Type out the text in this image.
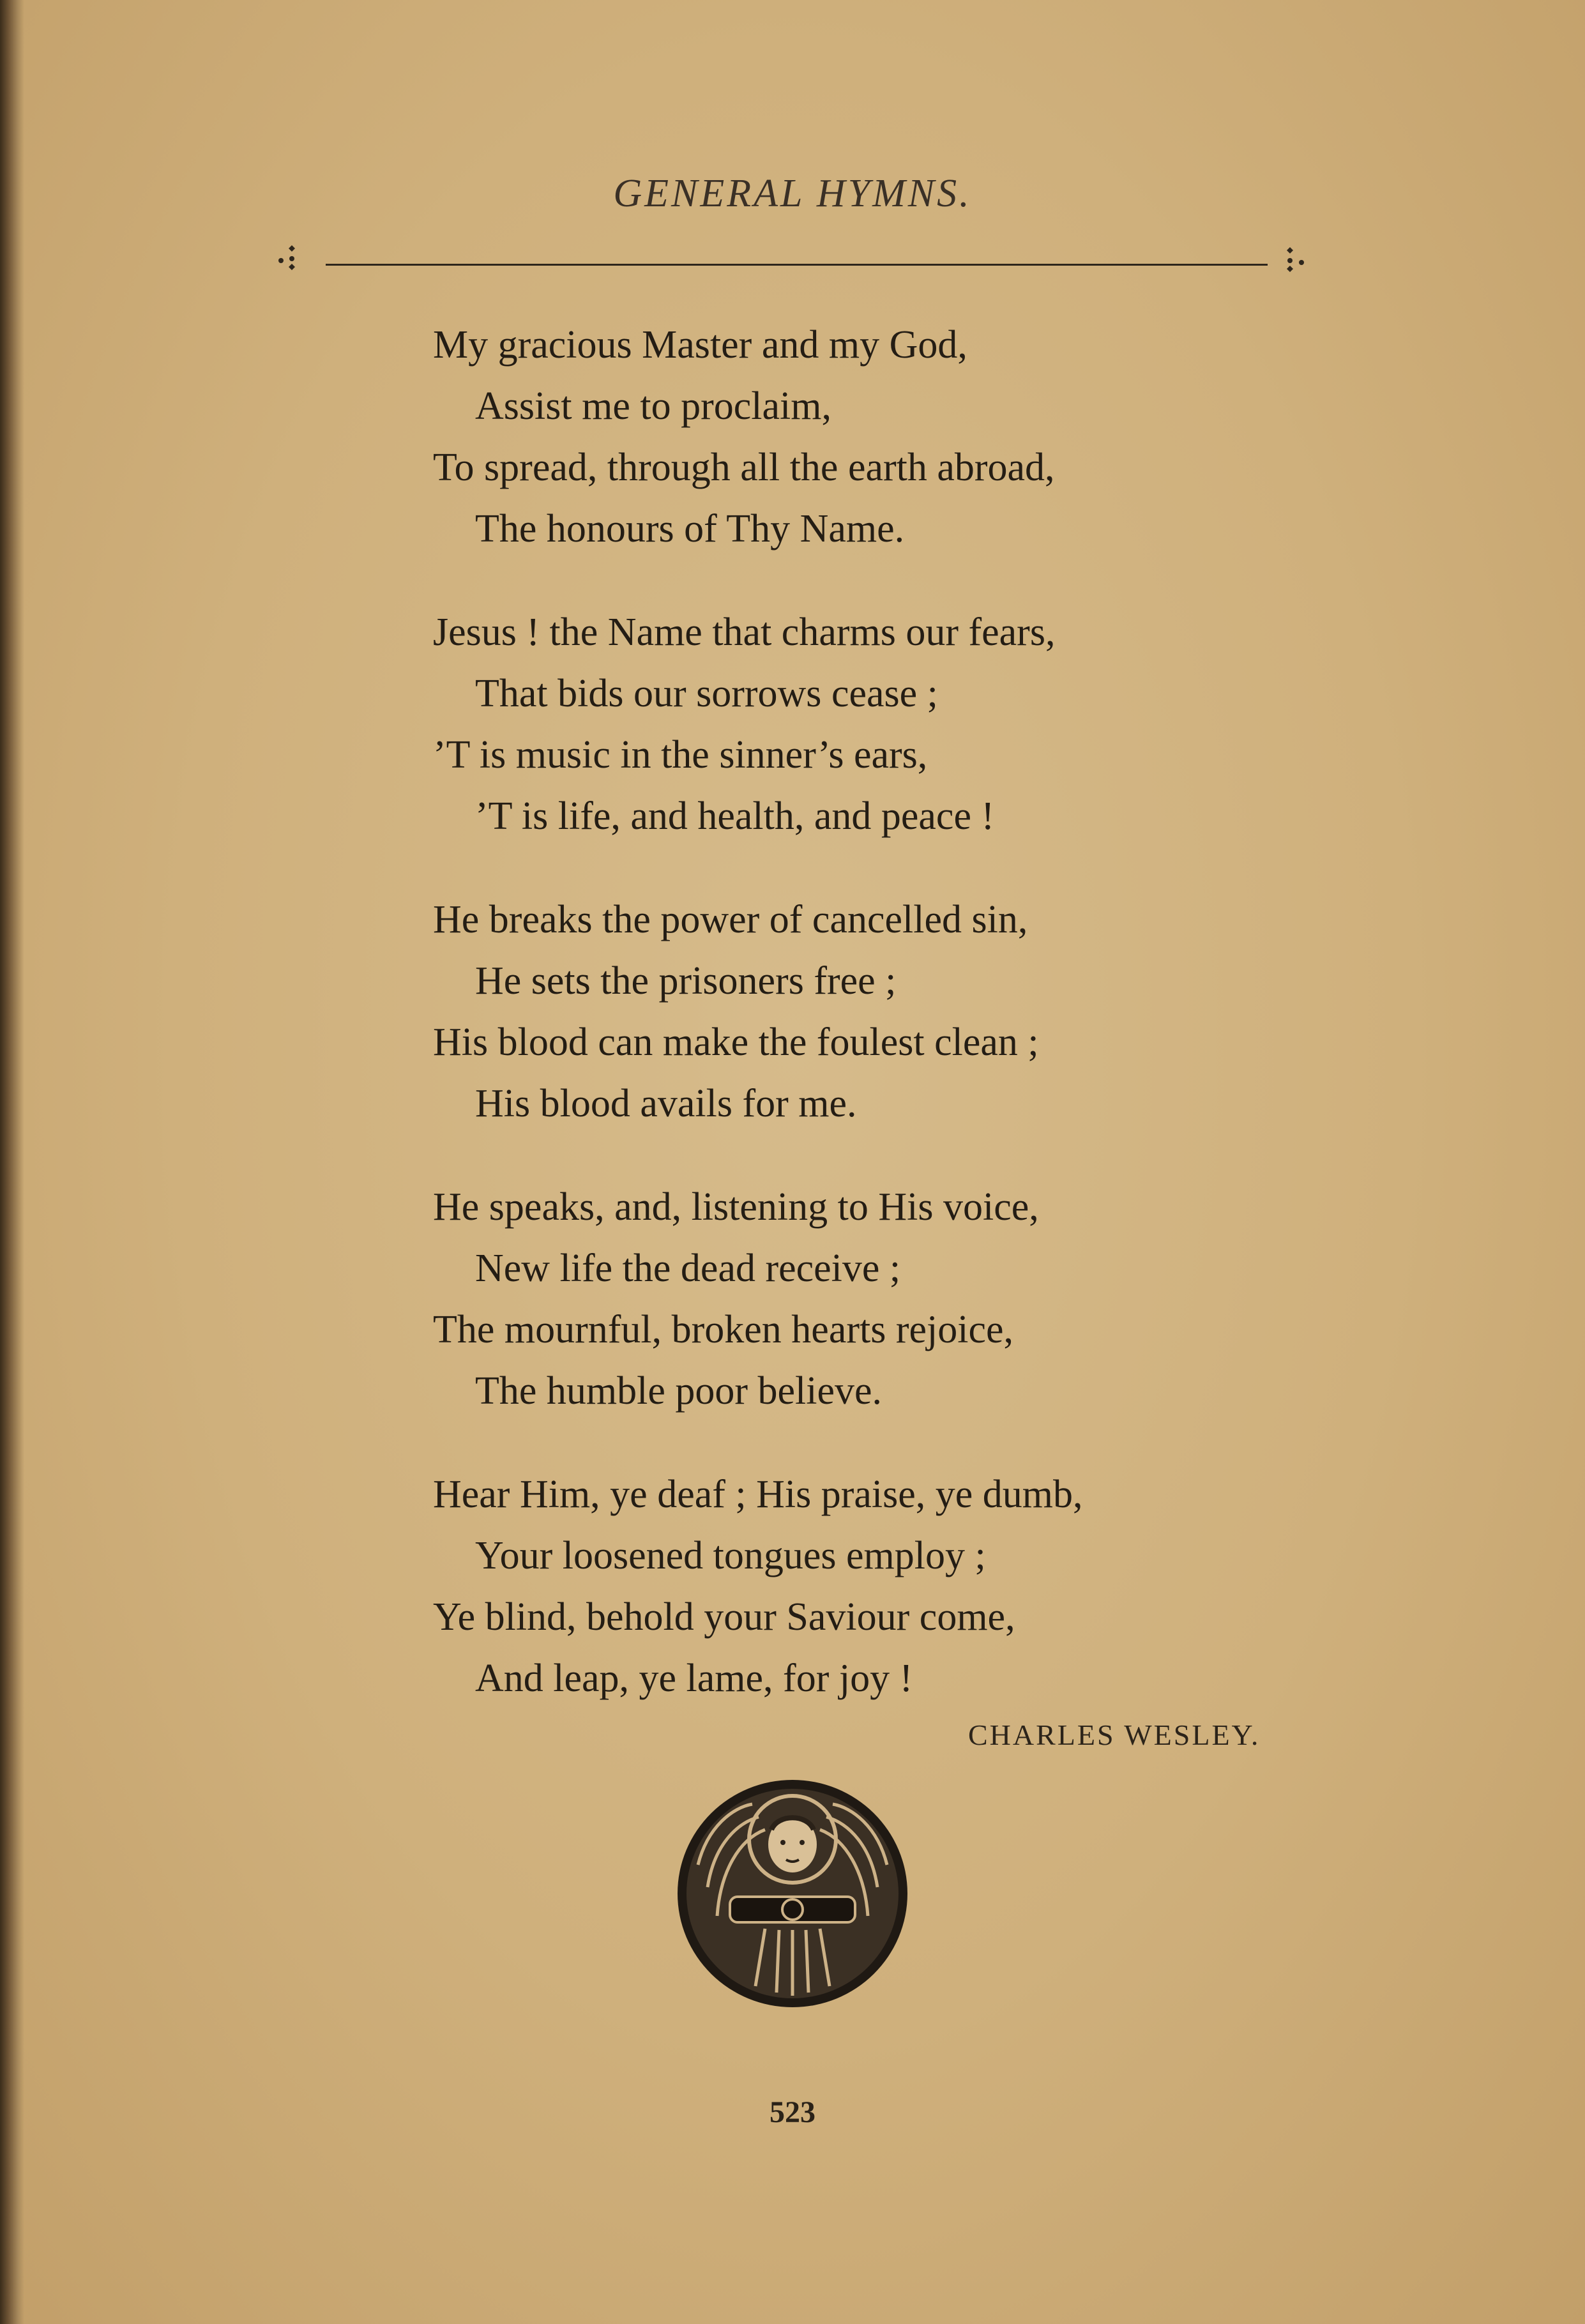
GENERAL HYMNS.
My gracious Master and my God,
Assist me to proclaim,
To spread, through all the earth abroad,
The honours of Thy Name.
Jesus ! the Name that charms our fears,
That bids our sorrows cease ;
’T is music in the sinner’s ears,
’T is life, and health, and peace !
He breaks the power of cancelled sin,
He sets the prisoners free ;
His blood can make the foulest clean ;
His blood avails for me.
He speaks, and, listening to His voice,
New life the dead receive ;
The mournful, broken hearts rejoice,
The humble poor believe.
Hear Him, ye deaf ; His praise, ye dumb,
Your loosened tongues employ ;
Ye blind, behold your Saviour come,
And leap, ye lame, for joy !
CHARLES WESLEY.
523
